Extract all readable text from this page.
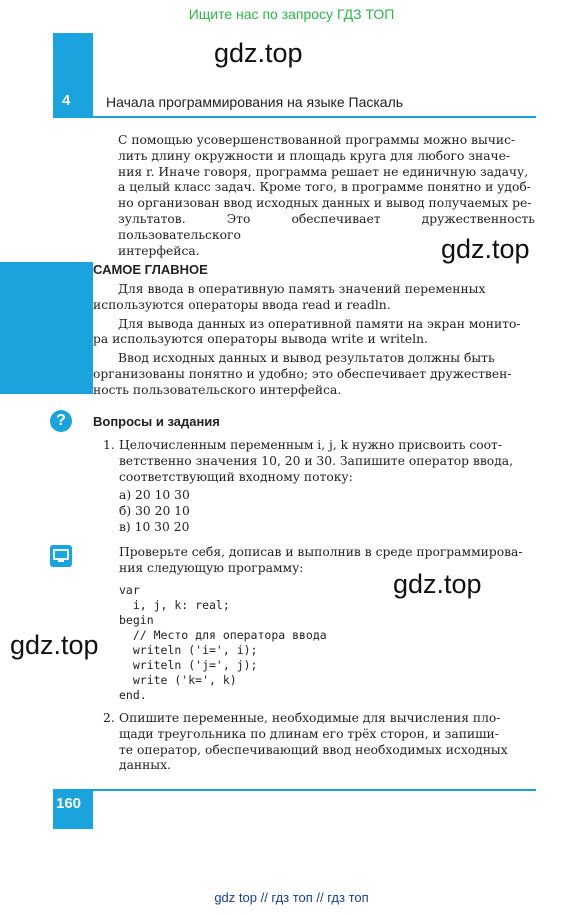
Ищите нас по запросу ГДЗ ТОП
gdz.top
4	Начала программирования на языке Паскаль
С помощью усовершенствованной программы можно вычис-
лить длину окружности и площадь круга для любого значе-
ния r. Иначе говоря, программа решает не единичную задачу,
а целый класс задач. Кроме того, в программе понятно и удоб-
но организован ввод исходных данных и вывод получаемых ре-
зультатов. Это обеспечивает дружественность пользовательского
интерфейса.	gdz.top
САМОЕ ГЛАВНОЕ
Для ввода в оперативную память значений переменных
используются операторы ввода read и readln.
Для вывода данных из оперативной памяти на экран монито-
ра используются операторы вывода write и writeln.
Ввод исходных данных и вывод результатов должны быть
организованы понятно и удобно; это обеспечивает дружествен-
ность пользовательского интерфейса.
?	Вопросы и задания
1. Целочисленным переменным i, j, k нужно присвоить соот-
ветственно значения 10, 20 и 30. Запишите оператор ввода,
соответствующий входному потоку:
а) 20 10 30
б) 30 20 10
в) 10 30 20
Проверьте себя, дописав и выполнив в среде программирова-
ния следующую программу:
var
i, j, k: real;
begin
// Место для оператора ввода
writeln ('i=', i);
writeln ('j=', j);
write ('k=', k)
end.
gdz.top
gdz.top
2. Опишите переменные, необходимые для вычисления пло-
щади треугольника по длинам его трёх сторон, и запиши-
те оператор, обеспечивающий ввод необходимых исходных
данных.
160
gdz top // гдз топ // гдз топ
